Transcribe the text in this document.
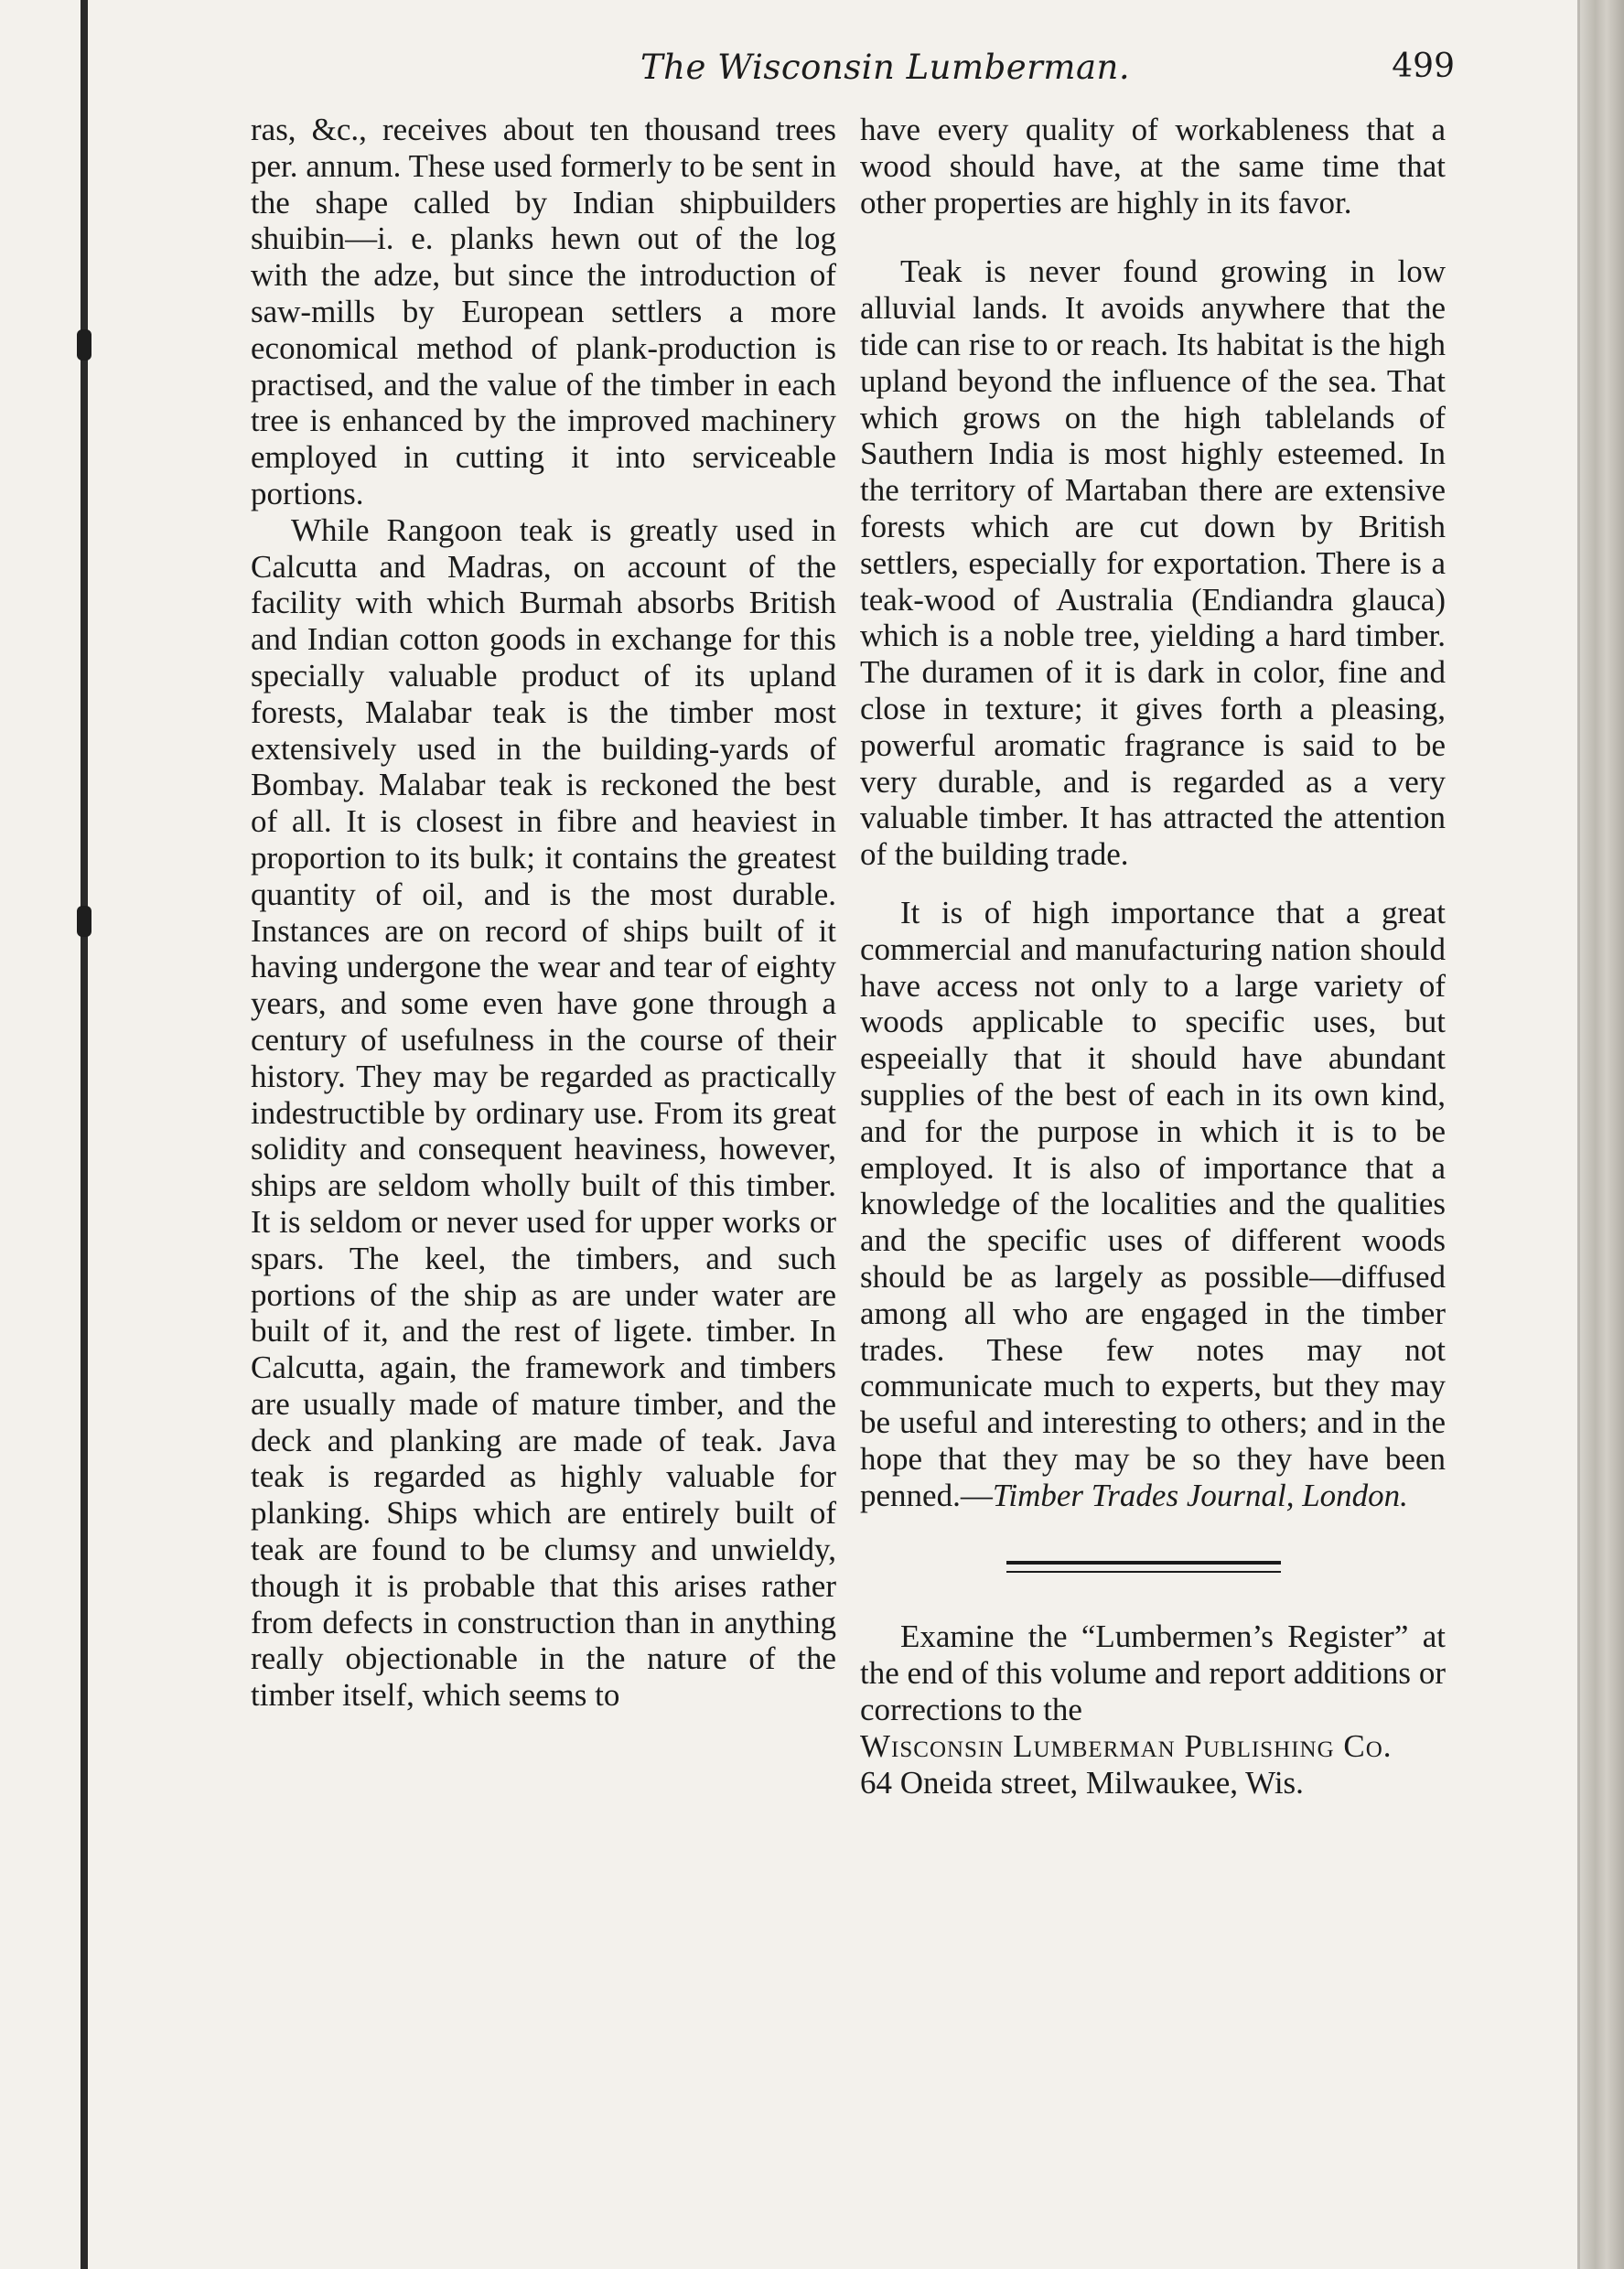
The Wisconsin Lumberman.	499

ras, &c., receives about ten thousand trees per. annum. These used formerly to be sent in the shape called by Indian shipbuilders shuibin—i. e. planks hewn out of the log with the adze, but since the introduction of saw-mills by European settlers a more economical method of plank-production is practised, and the value of the timber in each tree is enhanced by the improved machinery employed in cutting it into serviceable portions.

While Rangoon teak is greatly used in Calcutta and Madras, on account of the facility with which Burmah absorbs British and Indian cotton goods in exchange for this specially valuable product of its upland forests, Malabar teak is the timber most extensively used in the building-yards of Bombay. Malabar teak is reckoned the best of all. It is closest in fibre and heaviest in proportion to its bulk; it contains the greatest quantity of oil, and is the most durable. Instances are on record of ships built of it having undergone the wear and tear of eighty years, and some even have gone through a century of usefulness in the course of their history. They may be regarded as practically indestructible by ordinary use. From its great solidity and consequent heaviness, however, ships are seldom wholly built of this timber. It is seldom or never used for upper works or spars. The keel, the timbers, and such portions of the ship as are under water are built of it, and the rest of ligete. timber. In Calcutta, again, the framework and timbers are usually made of mature timber, and the deck and planking are made of teak. Java teak is regarded as highly valuable for planking. Ships which are entirely built of teak are found to be clumsy and unwieldy, though it is probable that this arises rather from defects in construction than in anything really objectionable in the nature of the timber itself, which seems to

have every quality of workableness that a wood should have, at the same time that other properties are highly in its favor.

Teak is never found growing in low alluvial lands. It avoids anywhere that the tide can rise to or reach. Its habitat is the high upland beyond the influence of the sea. That which grows on the high tablelands of Sauthern India is most highly esteemed. In the territory of Martaban there are extensive forests which are cut down by British settlers, especially for exportation. There is a teak-wood of Australia (Endiandra glauca) which is a noble tree, yielding a hard timber. The duramen of it is dark in color, fine and close in texture; it gives forth a pleasing, powerful aromatic fragrance is said to be very durable, and is regarded as a very valuable timber. It has attracted the attention of the building trade.

It is of high importance that a great commercial and manufacturing nation should have access not only to a large variety of woods applicable to specific uses, but espeeially that it should have abundant supplies of the best of each in its own kind, and for the purpose in which it is to be employed. It is also of importance that a knowledge of the localities and the qualities and the specific uses of different woods should be as largely as possible—diffused among all who are engaged in the timber trades. These few notes may not communicate much to experts, but they may be useful and interesting to others; and in the hope that they may be so they have been penned.—Timber Trades Journal, London.

Examine the “Lumbermen’s Register” at the end of this volume and report additions or corrections to the

Wisconsin Lumberman Publishing Co.

64 Oneida street, Milwaukee, Wis.
